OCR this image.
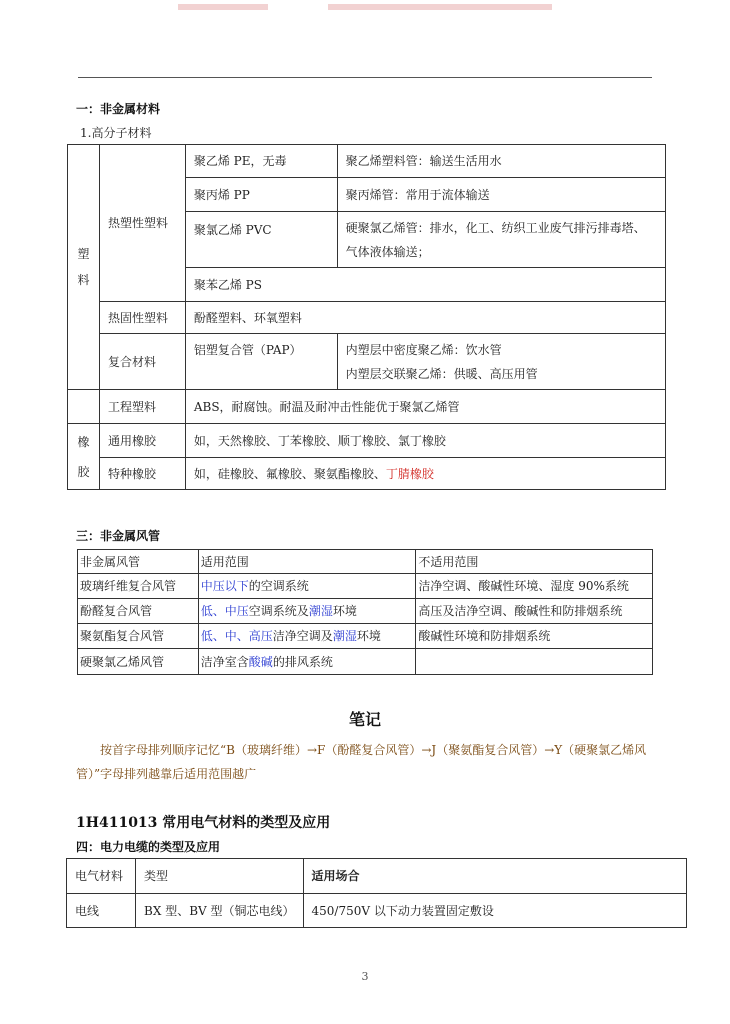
一：非金属材料
1.高分子材料
塑料	热塑性塑料	聚乙烯 PE，无毒	聚乙烯塑料管：输送生活用水
		聚丙烯 PP	聚丙烯管：常用于流体输送
		聚氯乙烯 PVC	硬聚氯乙烯管：排水，化工、纺织工业废气排污排毒塔、气体液体输送；
		聚苯乙烯 PS	
	热固性塑料	酚醛塑料、环氧塑料	
	复合材料	铝塑复合管（PAP）	内塑层中密度聚乙烯：饮水管
内塑层交联聚乙烯：供暖、高压用管

	工程塑料	ABS，耐腐蚀。耐温及耐冲击性能优于聚氯乙烯管	
橡胶	通用橡胶	如，天然橡胶、丁苯橡胶、顺丁橡胶、氯丁橡胶	
	特种橡胶	如，硅橡胶、氟橡胶、聚氨酯橡胶、丁腈橡胶	
三：非金属风管
非金属风管	适用范围	不适用范围
玻璃纤维复合风管	中压以下的空调系统	洁净空调、酸碱性环境、湿度 90%系统
酚醛复合风管	低、中压空调系统及潮湿环境	高压及洁净空调、酸碱性和防排烟系统
聚氨酯复合风管	低、中、高压洁净空调及潮湿环境	酸碱性环境和防排烟系统
硬聚氯乙烯风管	洁净室含酸碱的排风系统	
笔记
按首字母排列顺序记忆“B（玻璃纤维）→F（酚醛复合风管）→J（聚氨酯复合风管）→Y（硬聚氯乙烯风管）”字母排列越靠后适用范围越广
1H411013 常用电气材料的类型及应用
四：电力电缆的类型及应用
电气材料	类型	适用场合
电线	BX 型、BV 型（铜芯电线）	450/750V 以下动力装置固定敷设
3
